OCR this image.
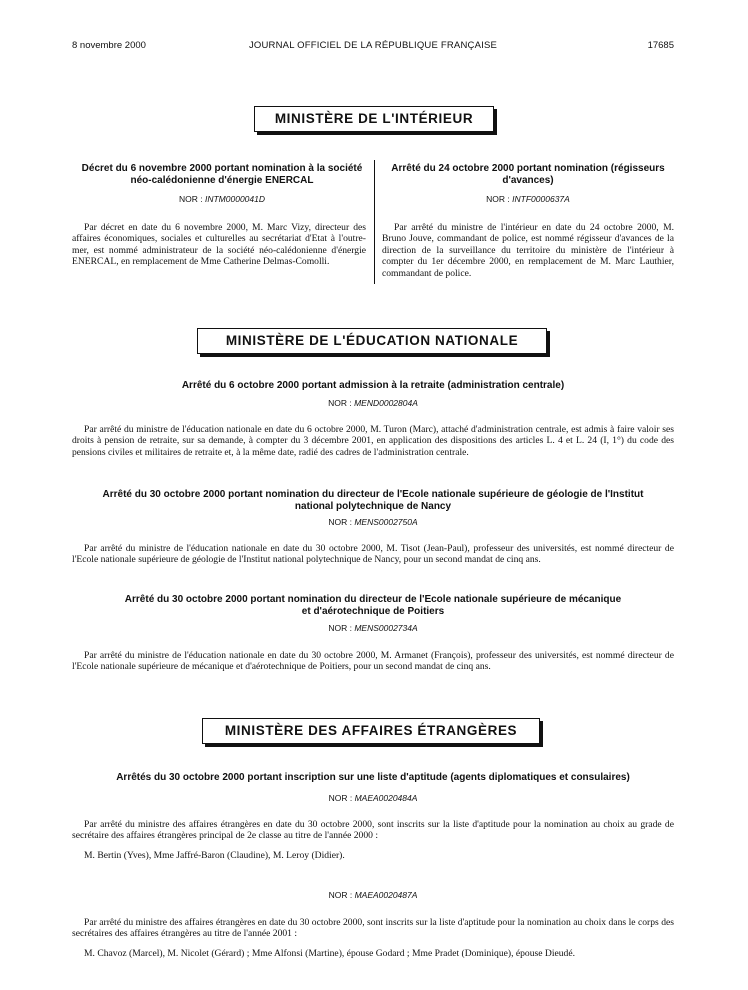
8 novembre 2000	JOURNAL OFFICIEL DE LA RÉPUBLIQUE FRANÇAISE	17685
MINISTÈRE DE L'INTÉRIEUR
Décret du 6 novembre 2000 portant nomination à la société néo-calédonienne d'énergie ENERCAL
NOR : INTM0000041D

Par décret en date du 6 novembre 2000, M. Marc Vizy, directeur des affaires économiques, sociales et culturelles au secrétariat d'Etat à l'outre-mer, est nommé administrateur de la société néo-calédonienne d'énergie ENERCAL, en remplacement de Mme Catherine Delmas-Comolli.

Arrêté du 24 octobre 2000 portant nomination (régisseurs d'avances)
NOR : INTF0000637A

Par arrêté du ministre de l'intérieur en date du 24 octobre 2000, M. Bruno Jouve, commandant de police, est nommé régisseur d'avances de la direction de la surveillance du territoire du ministère de l'intérieur à compter du 1er décembre 2000, en remplacement de M. Marc Lauthier, commandant de police.

MINISTÈRE DE L'ÉDUCATION NATIONALE
Arrêté du 6 octobre 2000 portant admission à la retraite (administration centrale)
NOR : MEND0002804A

Par arrêté du ministre de l'éducation nationale en date du 6 octobre 2000, M. Turon (Marc), attaché d'administration centrale, est admis à faire valoir ses droits à pension de retraite, sur sa demande, à compter du 3 décembre 2001, en application des dispositions des articles L. 4 et L. 24 (I, 1°) du code des pensions civiles et militaires de retraite et, à la même date, radié des cadres de l'administration centrale.

Arrêté du 30 octobre 2000 portant nomination du directeur de l'Ecole nationale supérieure de géologie de l'Institut national polytechnique de Nancy
NOR : MENS0002750A

Par arrêté du ministre de l'éducation nationale en date du 30 octobre 2000, M. Tisot (Jean-Paul), professeur des universités, est nommé directeur de l'Ecole nationale supérieure de géologie de l'Institut national polytechnique de Nancy, pour un second mandat de cinq ans.

Arrêté du 30 octobre 2000 portant nomination du directeur de l'Ecole nationale supérieure de mécanique et d'aérotechnique de Poitiers
NOR : MENS0002734A

Par arrêté du ministre de l'éducation nationale en date du 30 octobre 2000, M. Armanet (François), professeur des universités, est nommé directeur de l'Ecole nationale supérieure de mécanique et d'aérotechnique de Poitiers, pour un second mandat de cinq ans.

MINISTÈRE DES AFFAIRES ÉTRANGÈRES
Arrêtés du 30 octobre 2000 portant inscription sur une liste d'aptitude (agents diplomatiques et consulaires)
NOR : MAEA0020484A

Par arrêté du ministre des affaires étrangères en date du 30 octobre 2000, sont inscrits sur la liste d'aptitude pour la nomination au choix au grade de secrétaire des affaires étrangères principal de 2e classe au titre de l'année 2000 :

M. Bertin (Yves), Mme Jaffré-Baron (Claudine), M. Leroy (Didier).

NOR : MAEA0020487A

Par arrêté du ministre des affaires étrangères en date du 30 octobre 2000, sont inscrits sur la liste d'aptitude pour la nomination au choix dans le corps des secrétaires des affaires étrangères au titre de l'année 2001 :

M. Chavoz (Marcel), M. Nicolet (Gérard) ; Mme Alfonsi (Martine), épouse Godard ; Mme Pradet (Dominique), épouse Dieudé.
